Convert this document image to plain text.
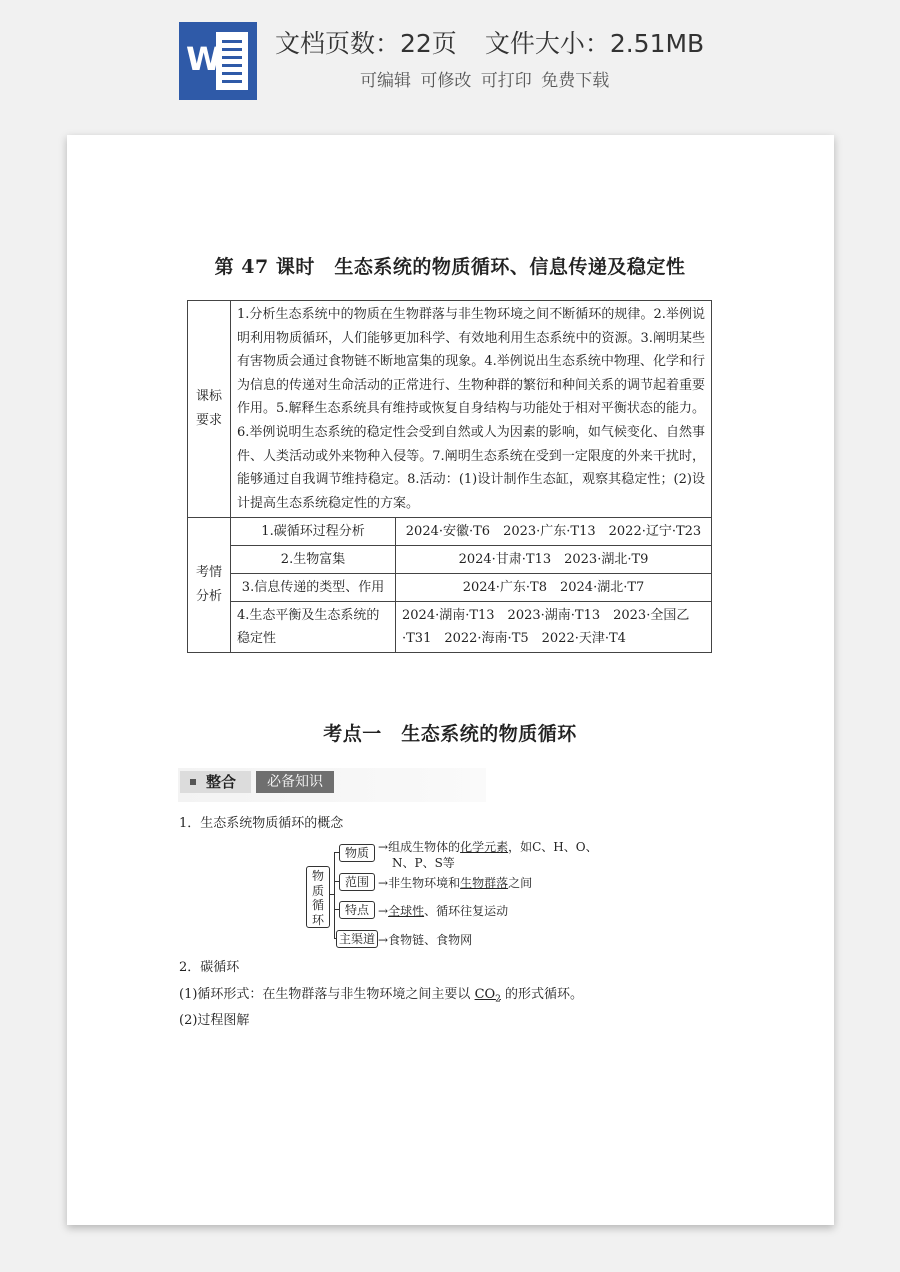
W 文档页数：22页 文件大小：2.51MB
可编辑 可修改 可打印 免费下载
第 47 课时　生态系统的物质循环、信息传递及稳定性
课标
要求	1.分析生态系统中的物质在生物群落与非生物环境之间不断循环的规律。2.举例说明利用物质循环，人们能够更加科学、有效地利用生态系统中的资源。3.阐明某些有害物质会通过食物链不断地富集的现象。4.举例说出生态系统中物理、化学和行为信息的传递对生命活动的正常进行、生物种群的繁衍和种间关系的调节起着重要作用。5.解释生态系统具有维持或恢复自身结构与功能处于相对平衡状态的能力。6.举例说明生态系统的稳定性会受到自然或人为因素的影响，如气候变化、自然事件、人类活动或外来物种入侵等。7.阐明生态系统在受到一定限度的外来干扰时，能够通过自我调节维持稳定。8.活动：(1)设计制作生态缸，观察其稳定性；(2)设计提高生态系统稳定性的方案。	
考情
分析	1.碳循环过程分析	2024·安徽·T6　2023·广东·T13　2022·辽宁·T23
	2.生物富集	2024·甘肃·T13　2023·湖北·T9
	3.信息传递的类型、作用	2024·广东·T8　2024·湖北·T7
	4.生态平衡及生态系统的稳定性	2024·湖南·T13　2023·湖南·T13　2023·全国乙·T31　2022·海南·T5　2022·天津·T4
考点一　生态系统的物质循环
整合	必备知识
1．生态系统物质循环的概念
物
质
循
环
物质
范围
特点
主渠道
→组成生物体的化学元素，如C、H、O、
N、P、S等
→非生物环境和生物群落之间
→全球性、循环往复运动
→食物链、食物网
2．碳循环
(1)循环形式：在生物群落与非生物环境之间主要以 $CO_2$ 的形式循环。
(2)过程图解
